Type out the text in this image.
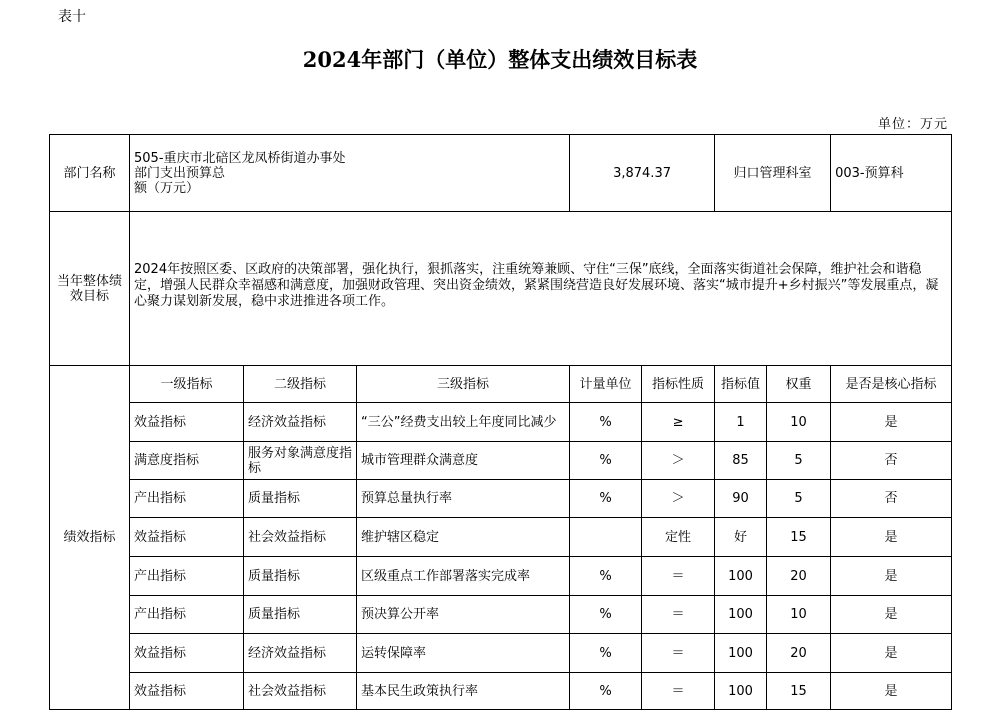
表十
2024年部门（单位）整体支出绩效目标表
单位：万元
部门名称	505-重庆市北碚区龙凤桥街道办事处 部门支出预算总额（万元）			3,874.37		归口管理科室		003-预算科
当年整体绩效目标	2024年按照区委、区政府的决策部署，强化执行，狠抓落实，注重统筹兼顾、守住“三保”底线，全面落实街道社会保障，维护社会和谐稳定，增强人民群众幸福感和满意度，加强财政管理、突出资金绩效，紧紧围绕营造良好发展环境、落实“城市提升+乡村振兴”等发展重点，凝心聚力谋划新发展，稳中求进推进各项工作。							

绩效指标	一级指标	二级指标	三级指标	计量单位	指标性质	指标值	权重	是否是核心指标
	效益指标	经济效益指标	“三公”经费支出较上年度同比减少	%	≥	1	10	是
	满意度指标	服务对象满意度指标	城市管理群众满意度	%	＞	85	5	否
	产出指标	质量指标	预算总量执行率	%	＞	90	5	否
	效益指标	社会效益指标	维护辖区稳定		定性	好	15	是
	产出指标	质量指标	区级重点工作部署落实完成率	%	＝	100	20	是
	产出指标	质量指标	预决算公开率	%	＝	100	10	是
	效益指标	经济效益指标	运转保障率	%	＝	100	20	是
	效益指标	社会效益指标	基本民生政策执行率	%	＝	100	15	是
